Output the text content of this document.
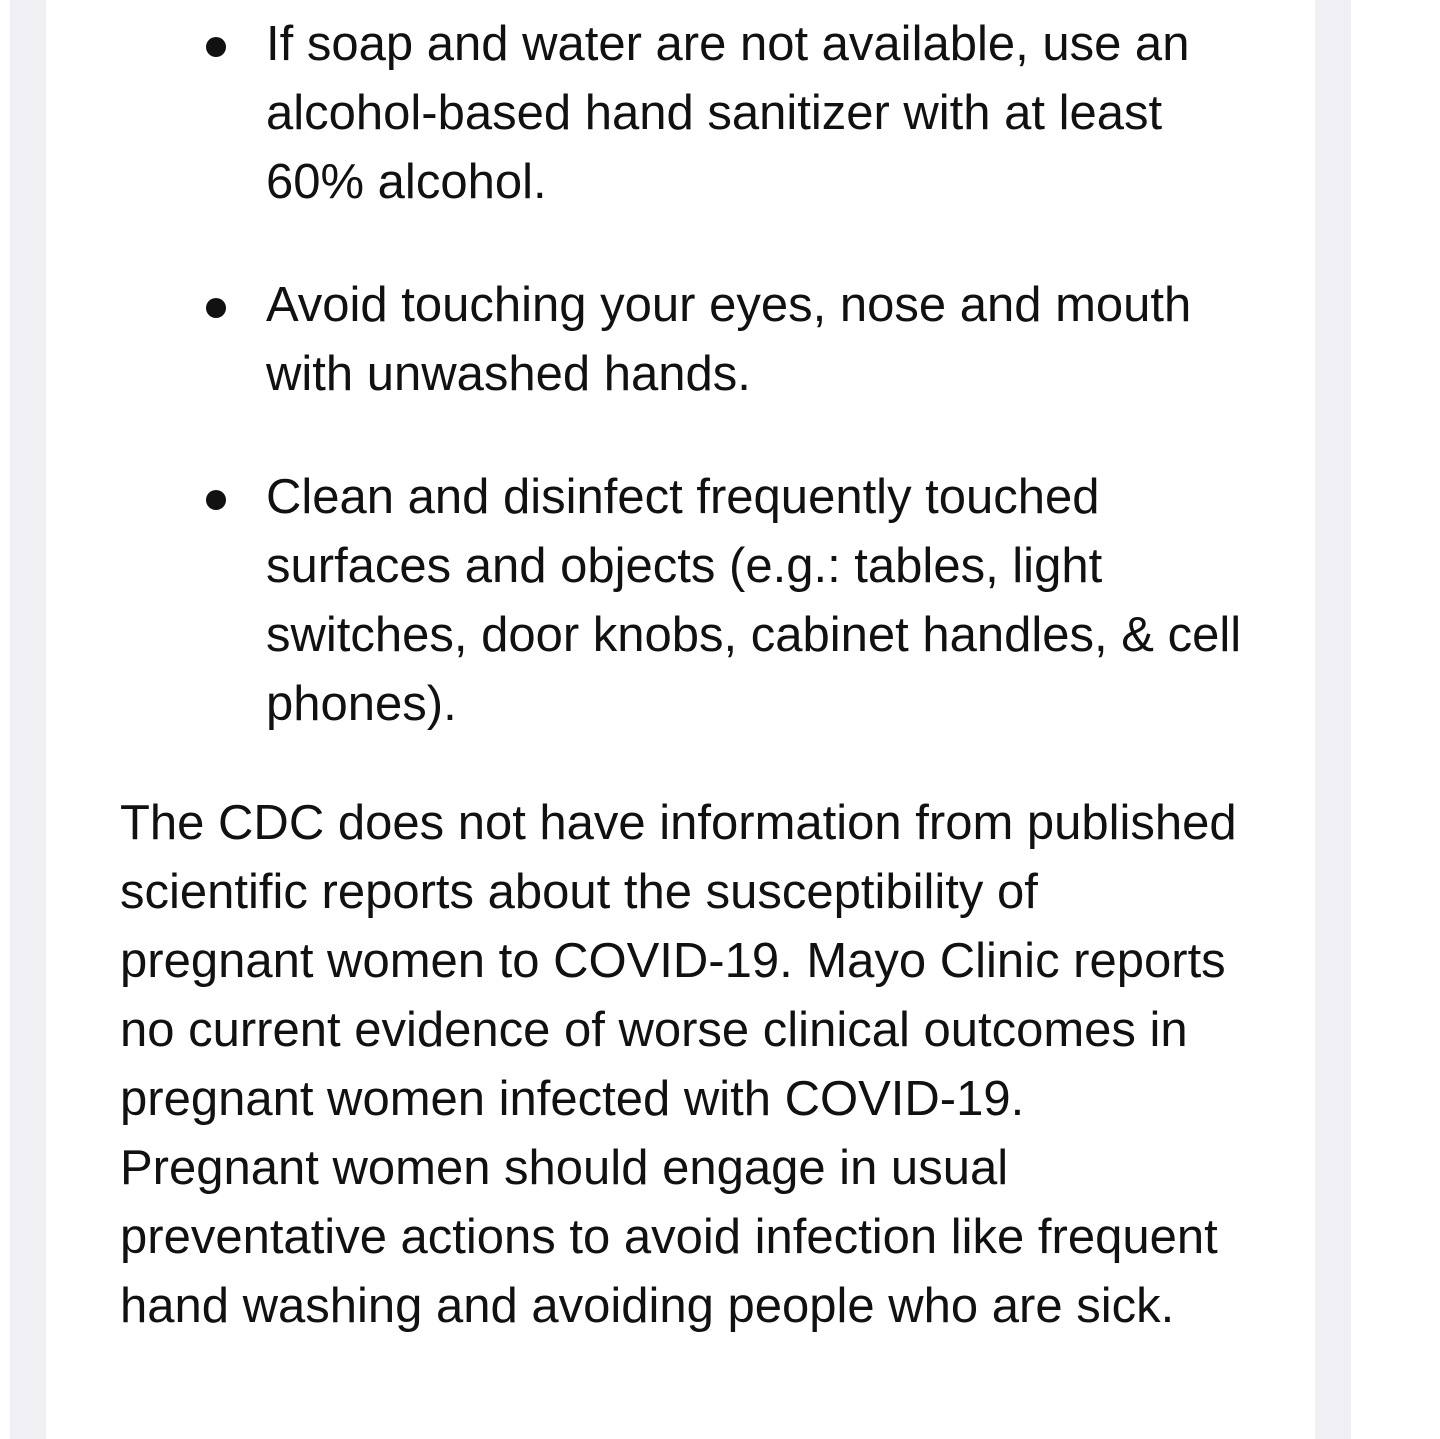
If soap and water are not available, use an alcohol-based hand sanitizer with at least 60% alcohol.
Avoid touching your eyes, nose and mouth with unwashed hands.
Clean and disinfect frequently touched surfaces and objects (e.g.: tables, light switches, door knobs, cabinet handles, & cell phones).

The CDC does not have information from published scientific reports about the susceptibility of pregnant women to COVID-19. Mayo Clinic reports no current evidence of worse clinical outcomes in pregnant women infected with COVID-19.  Pregnant women should engage in usual preventative actions to avoid infection like frequent hand washing and avoiding people who are sick.
